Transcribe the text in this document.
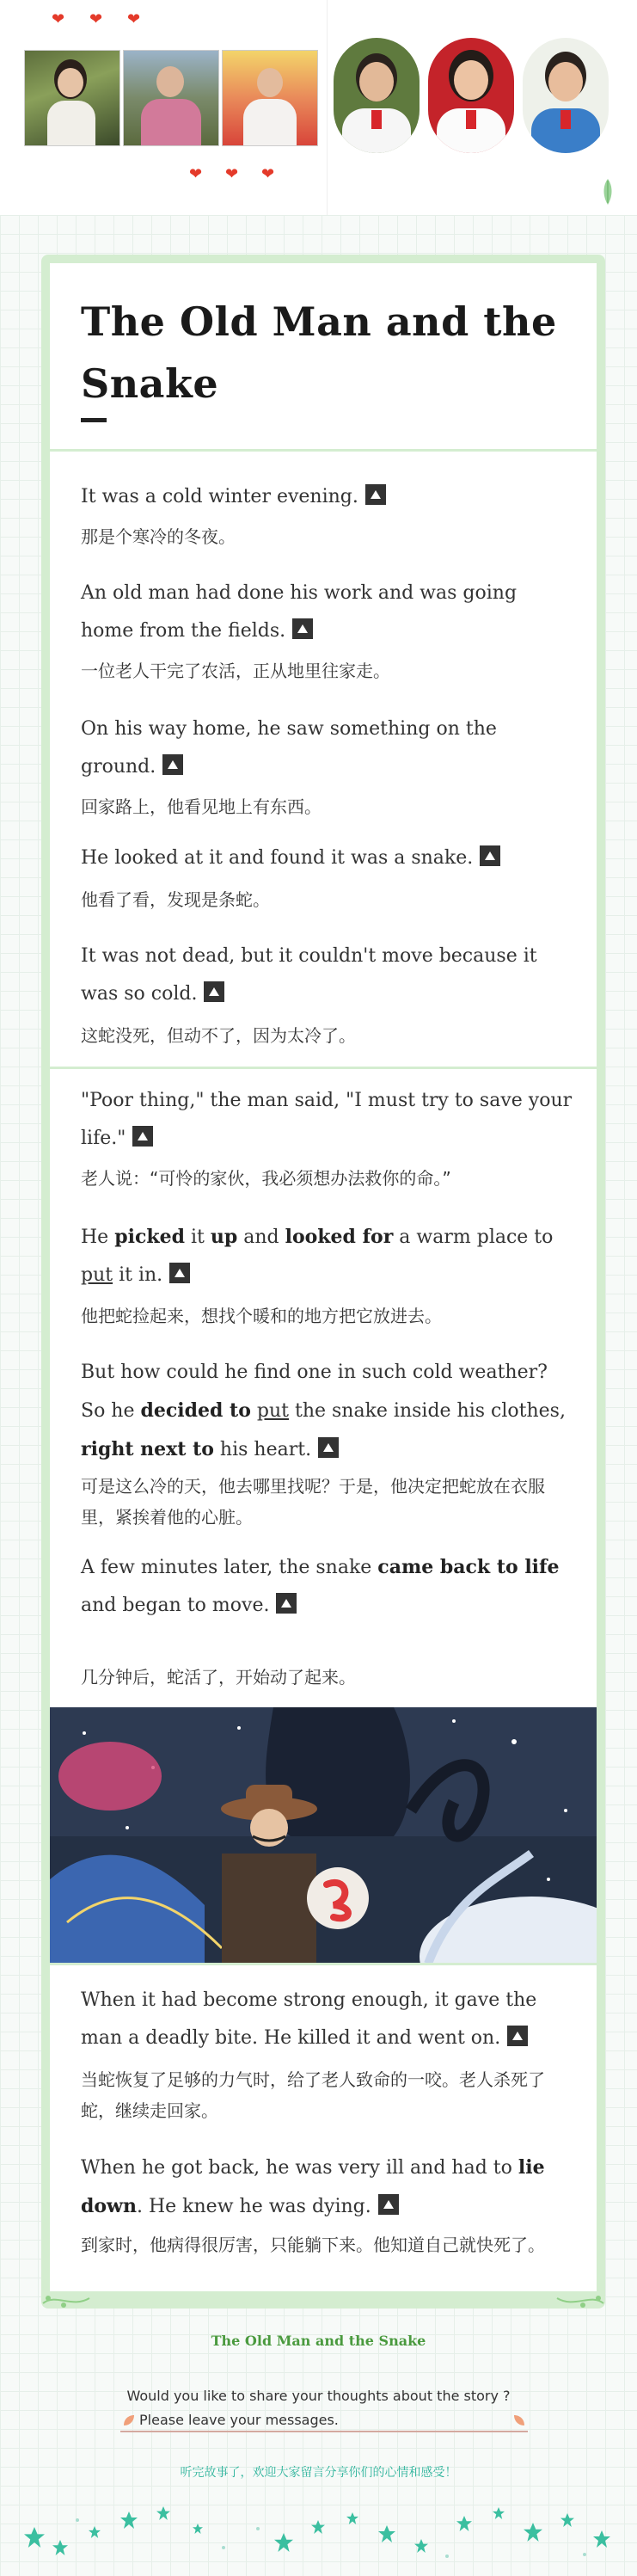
❤ ❤ ❤
❤ ❤ ❤
The Old Man and the Snake
It was a cold winter evening.
那是个寒冷的冬夜。
An old man had done his work and was going home from the fields.
一位老人干完了农活，正从地里往家走。
On his way home, he saw something on the ground.
回家路上，他看见地上有东西。
He looked at it and found it was a snake.
他看了看，发现是条蛇。
It was not dead, but it couldn't move because it was so cold.
这蛇没死，但动不了，因为太冷了。
"Poor thing," the man said, "I must try to save your life."
老人说：“可怜的家伙，我必须想办法救你的命。”
He picked it up and looked for a warm place to put it in.
他把蛇捡起来，想找个暖和的地方把它放进去。
But how could he find one in such cold weather? So he decided to put the snake inside his clothes, right next to his heart.
可是这么冷的天，他去哪里找呢？于是，他决定把蛇放在衣服里，紧挨着他的心脏。
A few minutes later, the snake came back to life and began to move.
几分钟后，蛇活了，开始动了起来。
When it had become strong enough, it gave the man a deadly bite. He killed it and went on.
当蛇恢复了足够的力气时，给了老人致命的一咬。老人杀死了蛇，继续走回家。
When he got back, he was very ill and had to lie down. He knew he was dying.
到家时，他病得很厉害，只能躺下来。他知道自己就快死了。
The Old Man and the Snake
Would you like to share your thoughts about the story ?
Please leave your messages.
听完故事了，欢迎大家留言分享你们的心情和感受！
